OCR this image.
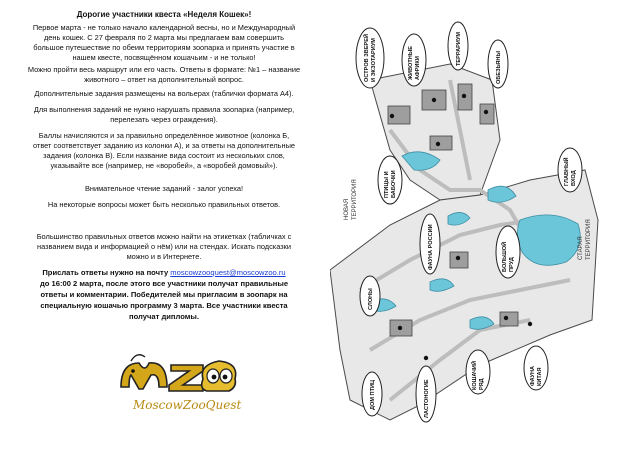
Дорогие участники квеста «Неделя Кошек»!

Первое марта - не только начало календарной весны, но и Международный

день кошек. С 27 февраля по 2 марта мы предлагаем вам совершить

большое путешествие по обеим территориям зоопарка и принять участие в

нашем квесте, посвящённом кошачьим - и не только!

Можно пройти весь маршрут или его часть. Ответы в формате: №1 – название

животного – ответ на дополнительный вопрос.

Дополнительные задания размещены на вольерах (таблички формата А4).

Для выполнения заданий не нужно нарушать правила зоопарка (например,

перелезать через ограждения).

Баллы начисляются и за правильно определённое животное (колонка Б,

ответ соответствует заданию из колонки А), и за ответы на дополнительные

задания (колонка В). Если название вида состоит из нескольких слов,

указывайте все (например, не «воробей», а «воробей домовый»).

Внимательное чтение заданий - залог успеха!

На некоторые вопросы может быть несколько правильных ответов.

Большинство правильных ответов можно найти на этикетках (табличках с

названием вида и информацией о нём) или на стендах. Искать подсказки

можно и в Интернете.

Прислать ответы нужно на почту moscowzooquest@moscowzoo.ru

до 16:00 2 марта, после этого все участники получат правильные

ответы и комментарии. Победителей мы пригласим в зоопарк на

специальную кошачью программу 3 марта. Все участники квеста

получат дипломы.

MoscowZooQuest
ОСТРОВ ЗВЕРЕЙ И ЭКЗОТАРИУМ	ЖИВОТНЫЕ АФРИКИ
ТЕРРАРИУМ
ОБЕЗЬЯНЫ
ПТИЦЫ И БАБОЧКИ	ГЛАВНЫЙ ВХОД
ФАУНА РОССИИ	БОЛЬШОЙ ПРУД
СЛОНЫ
ДОМ ПТИЦ	ЛАСТОНОГИЕ
КОШАЧИЙ РЯД	ФАУНА КИТАЯ
НОВАЯ ТЕРРИТОРИЯ
СТАРАЯ ТЕРРИТОРИЯ
